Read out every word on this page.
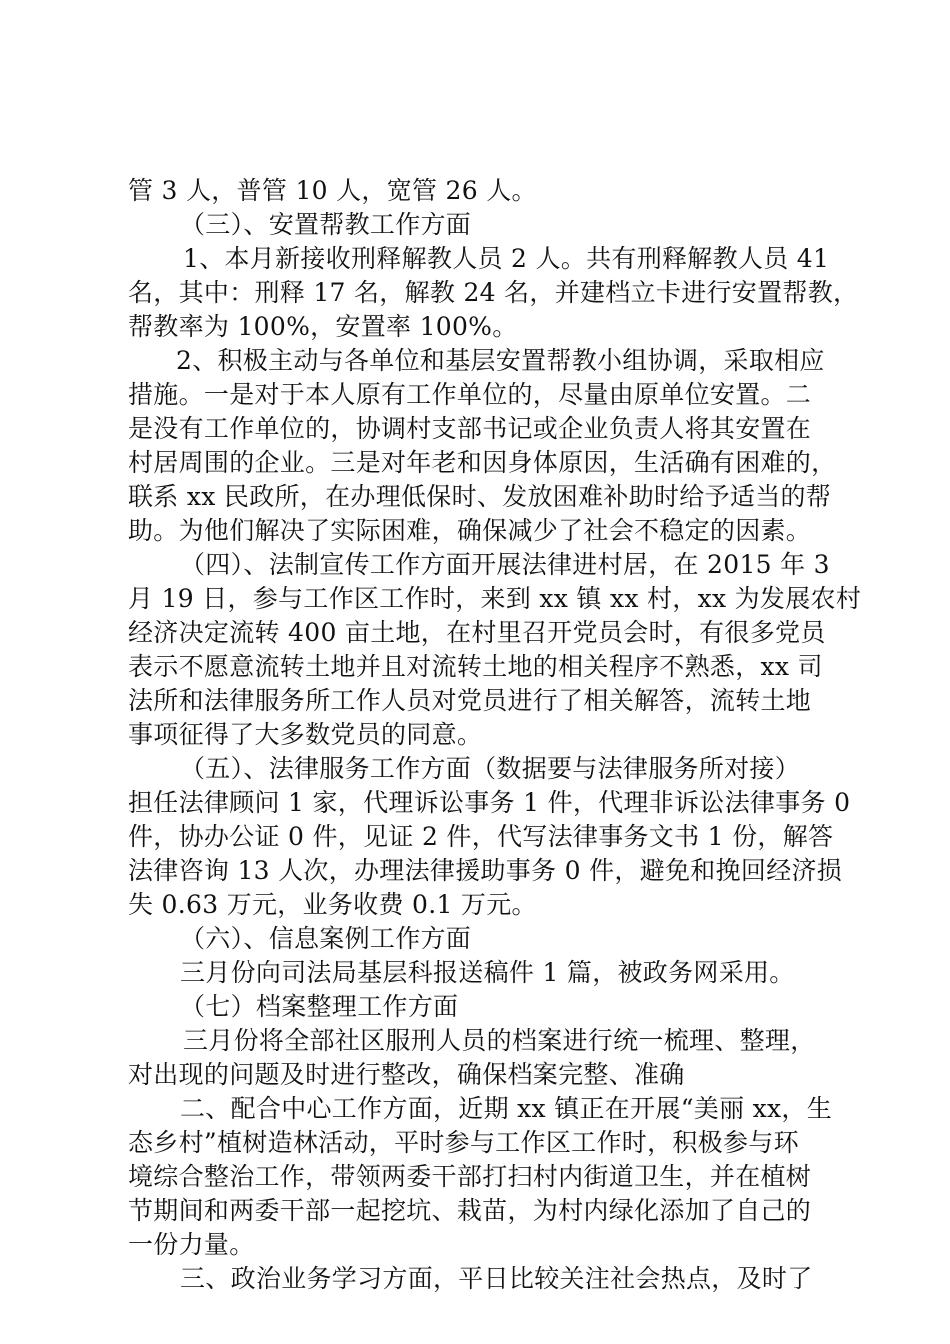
管 3 人，普管 10 人，宽管 26 人。
（三）、安置帮教工作方面
1、本月新接收刑释解教人员 2 人。共有刑释解教人员 41
名，其中：刑释 17 名，解教 24 名，并建档立卡进行安置帮教，
帮教率为 100%，安置率 100%。
2、积极主动与各单位和基层安置帮教小组协调，采取相应
措施。一是对于本人原有工作单位的，尽量由原单位安置。二
是没有工作单位的，协调村支部书记或企业负责人将其安置在
村居周围的企业。三是对年老和因身体原因，生活确有困难的，
联系 xx 民政所，在办理低保时、发放困难补助时给予适当的帮
助。为他们解决了实际困难，确保减少了社会不稳定的因素。
（四）、法制宣传工作方面开展法律进村居，在 2015 年 3
月 19 日，参与工作区工作时，来到 xx 镇 xx 村，xx 为发展农村
经济决定流转 400 亩土地，在村里召开党员会时，有很多党员
表示不愿意流转土地并且对流转土地的相关程序不熟悉，xx 司
法所和法律服务所工作人员对党员进行了相关解答，流转土地
事项征得了大多数党员的同意。
（五）、法律服务工作方面（数据要与法律服务所对接）
担任法律顾问 1 家，代理诉讼事务 1 件，代理非诉讼法律事务 0
件，协办公证 0 件，见证 2 件，代写法律事务文书 1 份，解答
法律咨询 13 人次，办理法律援助事务 0 件，避免和挽回经济损
失 0.63 万元，业务收费 0.1 万元。
（六）、信息案例工作方面
三月份向司法局基层科报送稿件 1 篇，被政务网采用。
（七）档案整理工作方面
三月份将全部社区服刑人员的档案进行统一梳理、整理，
对出现的问题及时进行整改，确保档案完整、准确
二、配合中心工作方面，近期 xx 镇正在开展“美丽 xx，生
态乡村”植树造林活动，平时参与工作区工作时，积极参与环
境综合整治工作，带领两委干部打扫村内街道卫生，并在植树
节期间和两委干部一起挖坑、栽苗，为村内绿化添加了自己的
一份力量。
三、政治业务学习方面，平日比较关注社会热点，及时了
